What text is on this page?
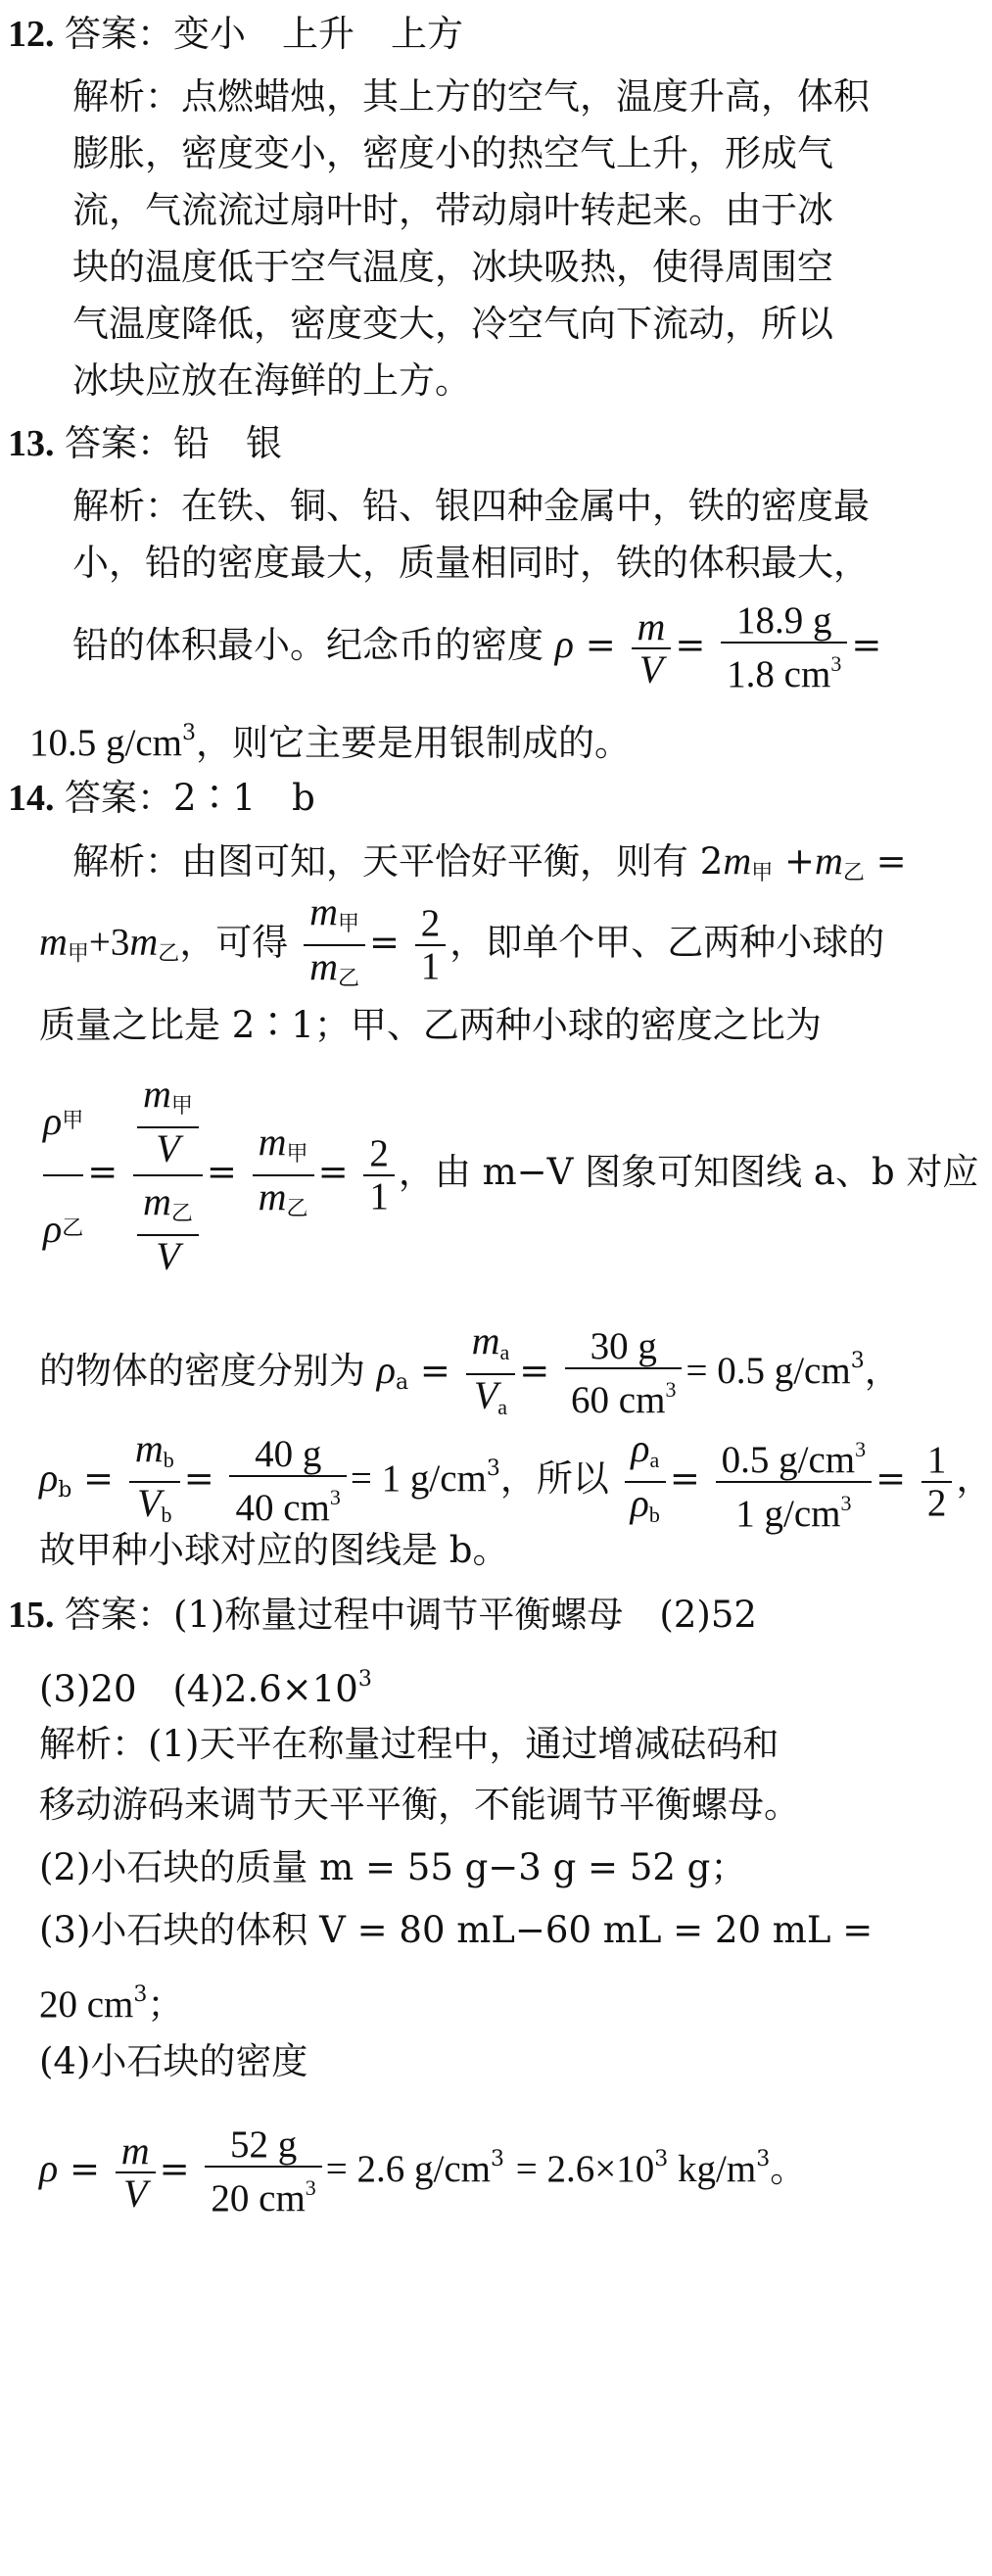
12. 答案：变小　上升　上方
解析：点燃蜡烛，其上方的空气，温度升高，体积
膨胀，密度变小，密度小的热空气上升，形成气
流，气流流过扇叶时，带动扇叶转起来。由于冰
块的温度低于空气温度，冰块吸热，使得周围空
气温度降低，密度变大，冷空气向下流动，所以
冰块应放在海鲜的上方。
13. 答案：铅　银
解析：在铁、铜、铅、银四种金属中，铁的密度最
小，铅的密度最大，质量相同时，铁的体积最大，
铅的体积最小。纪念币的密度 $\rho = \frac{m}{V} = \frac{18.9 g}{1.8 cm^3}$ =
10.5 $g/cm^3$，则它主要是用银制成的。
14. 答案：2∶1　b
解析：由图可知，天平恰好平衡，则有 $2m_甲 +m_乙$ =
$m_甲+3m_乙$，可得 $\frac{m_甲}{m_乙} = \frac{2}{1}$ ，即单个甲、乙两种小球的
质量之比是 2∶1；甲、乙两种小球的密度之比为
ρ 甲
ρ 乙
=
$\frac{m_甲}{V}$
$\frac{m_乙}{V}$
= $\frac{m_甲}{m_乙} = \frac{2}{1}$ ，由 m−V 图象可知图线 a、b 对应
的物体的密度分别为 $\rho_a = \frac{m_a}{V_a} = \frac{30 g}{60 cm^3} = 0.5$ $g/cm^3$，
$\rho_b = \frac{m_b}{V_b} = \frac{40 g}{40 cm^3} = 1$ $g/cm^3$，所以 $\frac{\rho_a}{\rho_b} = \frac{0.5 g/cm^3}{1 g/cm^3} = \frac{1}{2}$ ，
故甲种小球对应的图线是 b。
15. 答案：(1)称量过程中调节平衡螺母　(2)52
(3)20　$(4)2.6\times 10^3$
解析：(1)天平在称量过程中，通过增减砝码和
移动游码来调节天平平衡，不能调节平衡螺母。
(2)小石块的质量 m = 55 g−3 g = 52 g；
(3)小石块的体积 V = 80 mL−60 mL = 20 mL =
20 $cm^3$；
(4)小石块的密度
$\rho = \frac{m}{V} = \frac{52 g}{20 cm^3} = 2.6$ $g/cm^3 = 2.6\times 10^3$ $kg/m^3$。
